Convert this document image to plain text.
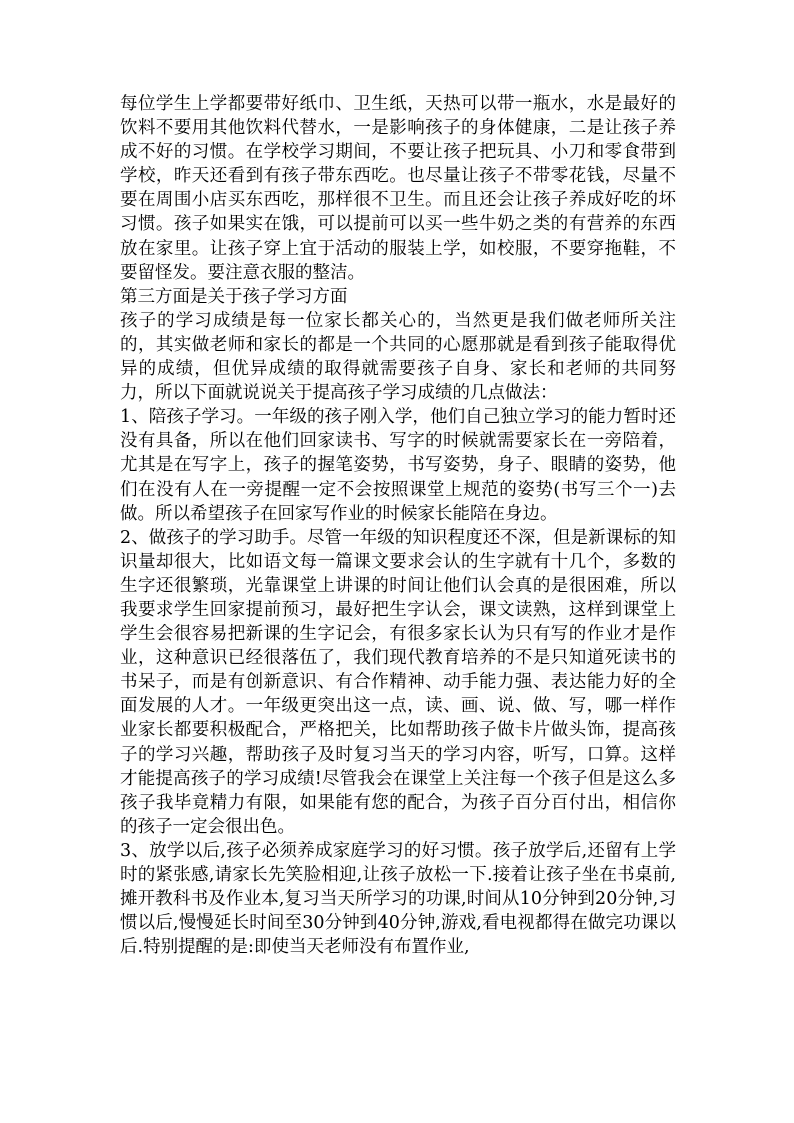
每位学生上学都要带好纸巾、卫生纸，天热可以带一瓶水，水是最好的饮料不要用其他饮料代替水，一是影响孩子的身体健康，二是让孩子养成不好的习惯。在学校学习期间，不要让孩子把玩具、小刀和零食带到学校，昨天还看到有孩子带东西吃。也尽量让孩子不带零花钱，尽量不要在周围小店买东西吃，那样很不卫生。而且还会让孩子养成好吃的坏习惯。孩子如果实在饿，可以提前可以买一些牛奶之类的有营养的东西放在家里。让孩子穿上宜于活动的服装上学，如校服，不要穿拖鞋，不要留怪发。要注意衣服的整洁。

第三方面是关于孩子学习方面

孩子的学习成绩是每一位家长都关心的，当然更是我们做老师所关注的，其实做老师和家长的都是一个共同的心愿那就是看到孩子能取得优异的成绩，但优异成绩的取得就需要孩子自身、家长和老师的共同努力，所以下面就说说关于提高孩子学习成绩的几点做法：

1、陪孩子学习。一年级的孩子刚入学，他们自己独立学习的能力暂时还没有具备，所以在他们回家读书、写字的时候就需要家长在一旁陪着，尤其是在写字上，孩子的握笔姿势，书写姿势，身子、眼睛的姿势，他们在没有人在一旁提醒一定不会按照课堂上规范的姿势(书写三个一)去做。所以希望孩子在回家写作业的时候家长能陪在身边。

2、做孩子的学习助手。尽管一年级的知识程度还不深，但是新课标的知识量却很大，比如语文每一篇课文要求会认的生字就有十几个，多数的生字还很繁琐，光靠课堂上讲课的时间让他们认会真的是很困难，所以我要求学生回家提前预习，最好把生字认会，课文读熟，这样到课堂上学生会很容易把新课的生字记会，有很多家长认为只有写的作业才是作业，这种意识已经很落伍了，我们现代教育培养的不是只知道死读书的书呆子，而是有创新意识、有合作精神、动手能力强、表达能力好的全面发展的人才。一年级更突出这一点，读、画、说、做、写，哪一样作业家长都要积极配合，严格把关，比如帮助孩子做卡片做头饰，提高孩子的学习兴趣，帮助孩子及时复习当天的学习内容，听写，口算。这样才能提高孩子的学习成绩!尽管我会在课堂上关注每一个孩子但是这么多孩子我毕竟精力有限，如果能有您的配合，为孩子百分百付出，相信你的孩子一定会很出色。

3、放学以后,孩子必须养成家庭学习的好习惯。孩子放学后,还留有上学时的紧张感,请家长先笑脸相迎,让孩子放松一下.接着让孩子坐在书桌前,摊开教科书及作业本,复习当天所学习的功课,时间从10分钟到20分钟,习惯以后,慢慢延长时间至30分钟到40分钟,游戏,看电视都得在做完功课以后.特别提醒的是:即使当天老师没有布置作业,
